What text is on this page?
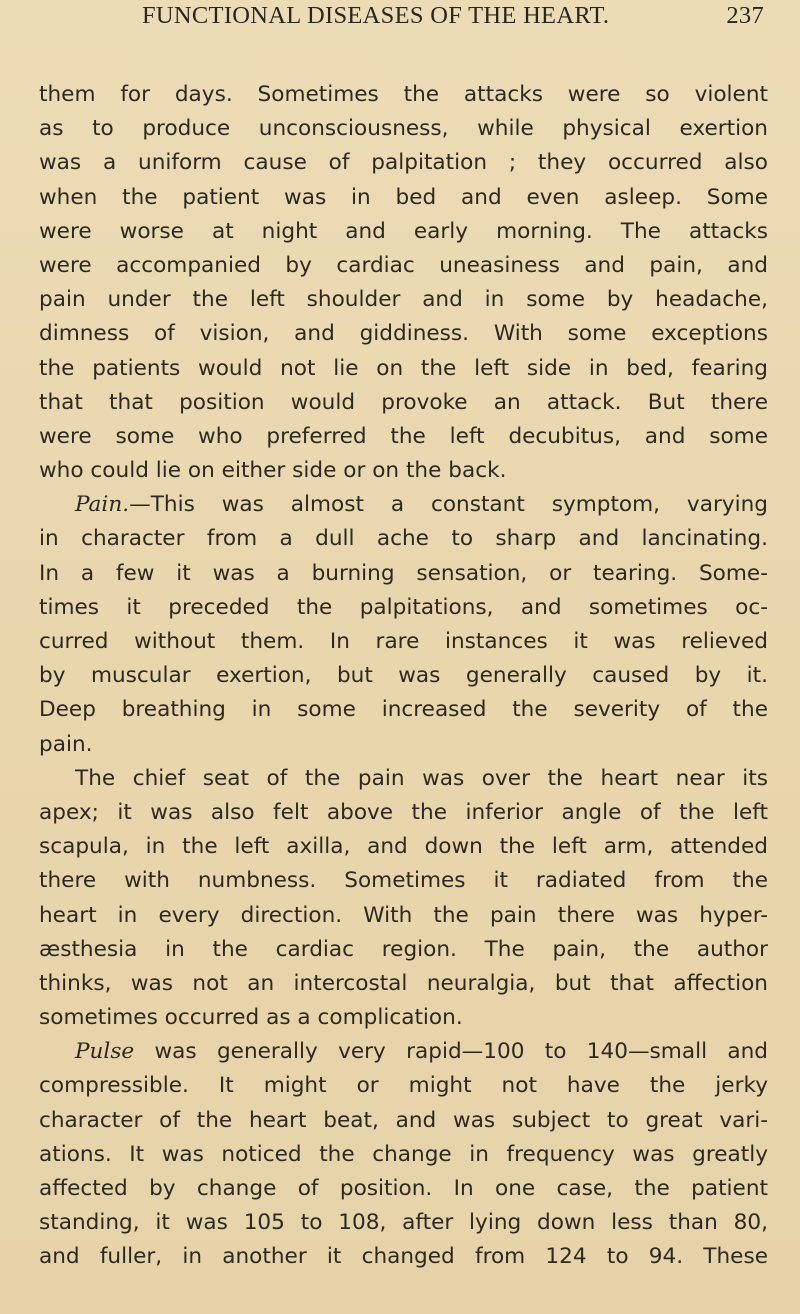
FUNCTIONAL DISEASES OF THE HEART.	237
them for days. Sometimes the attacks were so violent
as to produce unconsciousness, while physical exertion
was a uniform cause of palpitation ; they occurred also
when the patient was in bed and even asleep. Some
were worse at night and early morning. The attacks
were accompanied by cardiac uneasiness and pain, and
pain under the left shoulder and in some by headache,
dimness of vision, and giddiness. With some exceptions
the patients would not lie on the left side in bed, fearing
that that position would provoke an attack. But there
were some who preferred the left decubitus, and some
who could lie on either side or on the back.
Pain.—This was almost a constant symptom, varying
in character from a dull ache to sharp and lancinating.
In a few it was a burning sensation, or tearing. Some-
times it preceded the palpitations, and sometimes oc-
curred without them. In rare instances it was relieved
by muscular exertion, but was generally caused by it.
Deep breathing in some increased the severity of the
pain.
The chief seat of the pain was over the heart near its
apex; it was also felt above the inferior angle of the left
scapula, in the left axilla, and down the left arm, attended
there with numbness. Sometimes it radiated from the
heart in every direction. With the pain there was hyper-
æsthesia in the cardiac region. The pain, the author
thinks, was not an intercostal neuralgia, but that affection
sometimes occurred as a complication.
Pulse was generally very rapid—100 to 140—small and
compressible. It might or might not have the jerky
character of the heart beat, and was subject to great vari-
ations. It was noticed the change in frequency was greatly
affected by change of position. In one case, the patient
standing, it was 105 to 108, after lying down less than 80,
and fuller, in another it changed from 124 to 94. These
